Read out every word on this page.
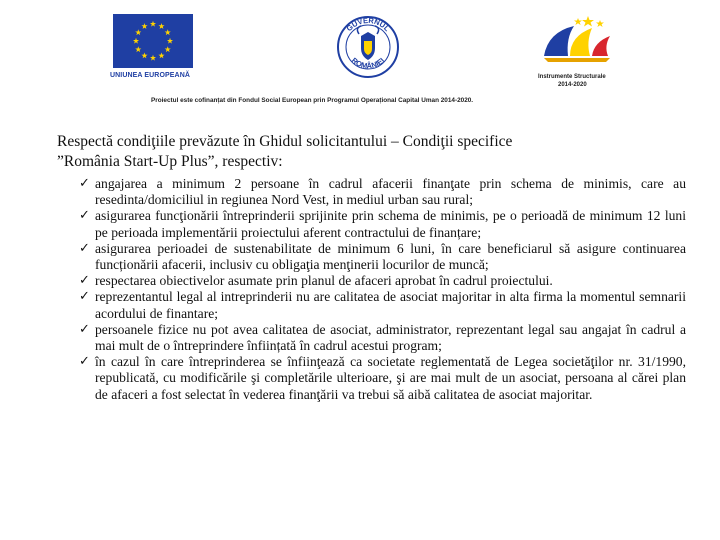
UNIUNEA EUROPEANĂ
GUVERNUL
ROMÂNIEI
Instrumente Structurale
2014-2020
Proiectul este cofinanțat din Fondul Social European prin Programul Operațional Capital Uman 2014-2020.
Respectă condiţiile prevăzute în Ghidul solicitantului – Condiţii specifice
”România Start-Up Plus”, respectiv:
✓ angajarea a minimum 2 persoane în cadrul afacerii finanţate prin schema de minimis, care au resedinta/domiciliul in regiunea Nord Vest, in mediul urban sau rural;
✓ asigurarea funcţionării întreprinderii sprijinite prin schema de minimis, pe o perioadă de minimum 12 luni pe perioada implementării proiectului aferent contractului de finanțare;
✓ asigurarea perioadei de sustenabilitate de minimum 6 luni, în care beneficiarul să asigure continuarea funcționării afacerii, inclusiv cu obligaţia menţinerii locurilor de muncă;
✓ respectarea obiectivelor asumate prin planul de afaceri aprobat în cadrul proiectului.
✓ reprezentantul legal al intreprinderii nu are calitatea de asociat majoritar in alta firma la momentul semnarii acordului de finantare;
✓ persoanele fizice nu pot avea calitatea de asociat, administrator, reprezentant legal sau angajat în cadrul a mai mult de o întreprindere înființată în cadrul acestui program;
✓ în cazul în care întreprinderea se înfiinţează ca societate reglementată de Legea societăţilor nr. 31/1990, republicată, cu modificările şi completările ulterioare, şi are mai mult de un asociat, persoana al cărei plan de afaceri a fost selectat în vederea finanţării va trebui să aibă calitatea de asociat majoritar.
